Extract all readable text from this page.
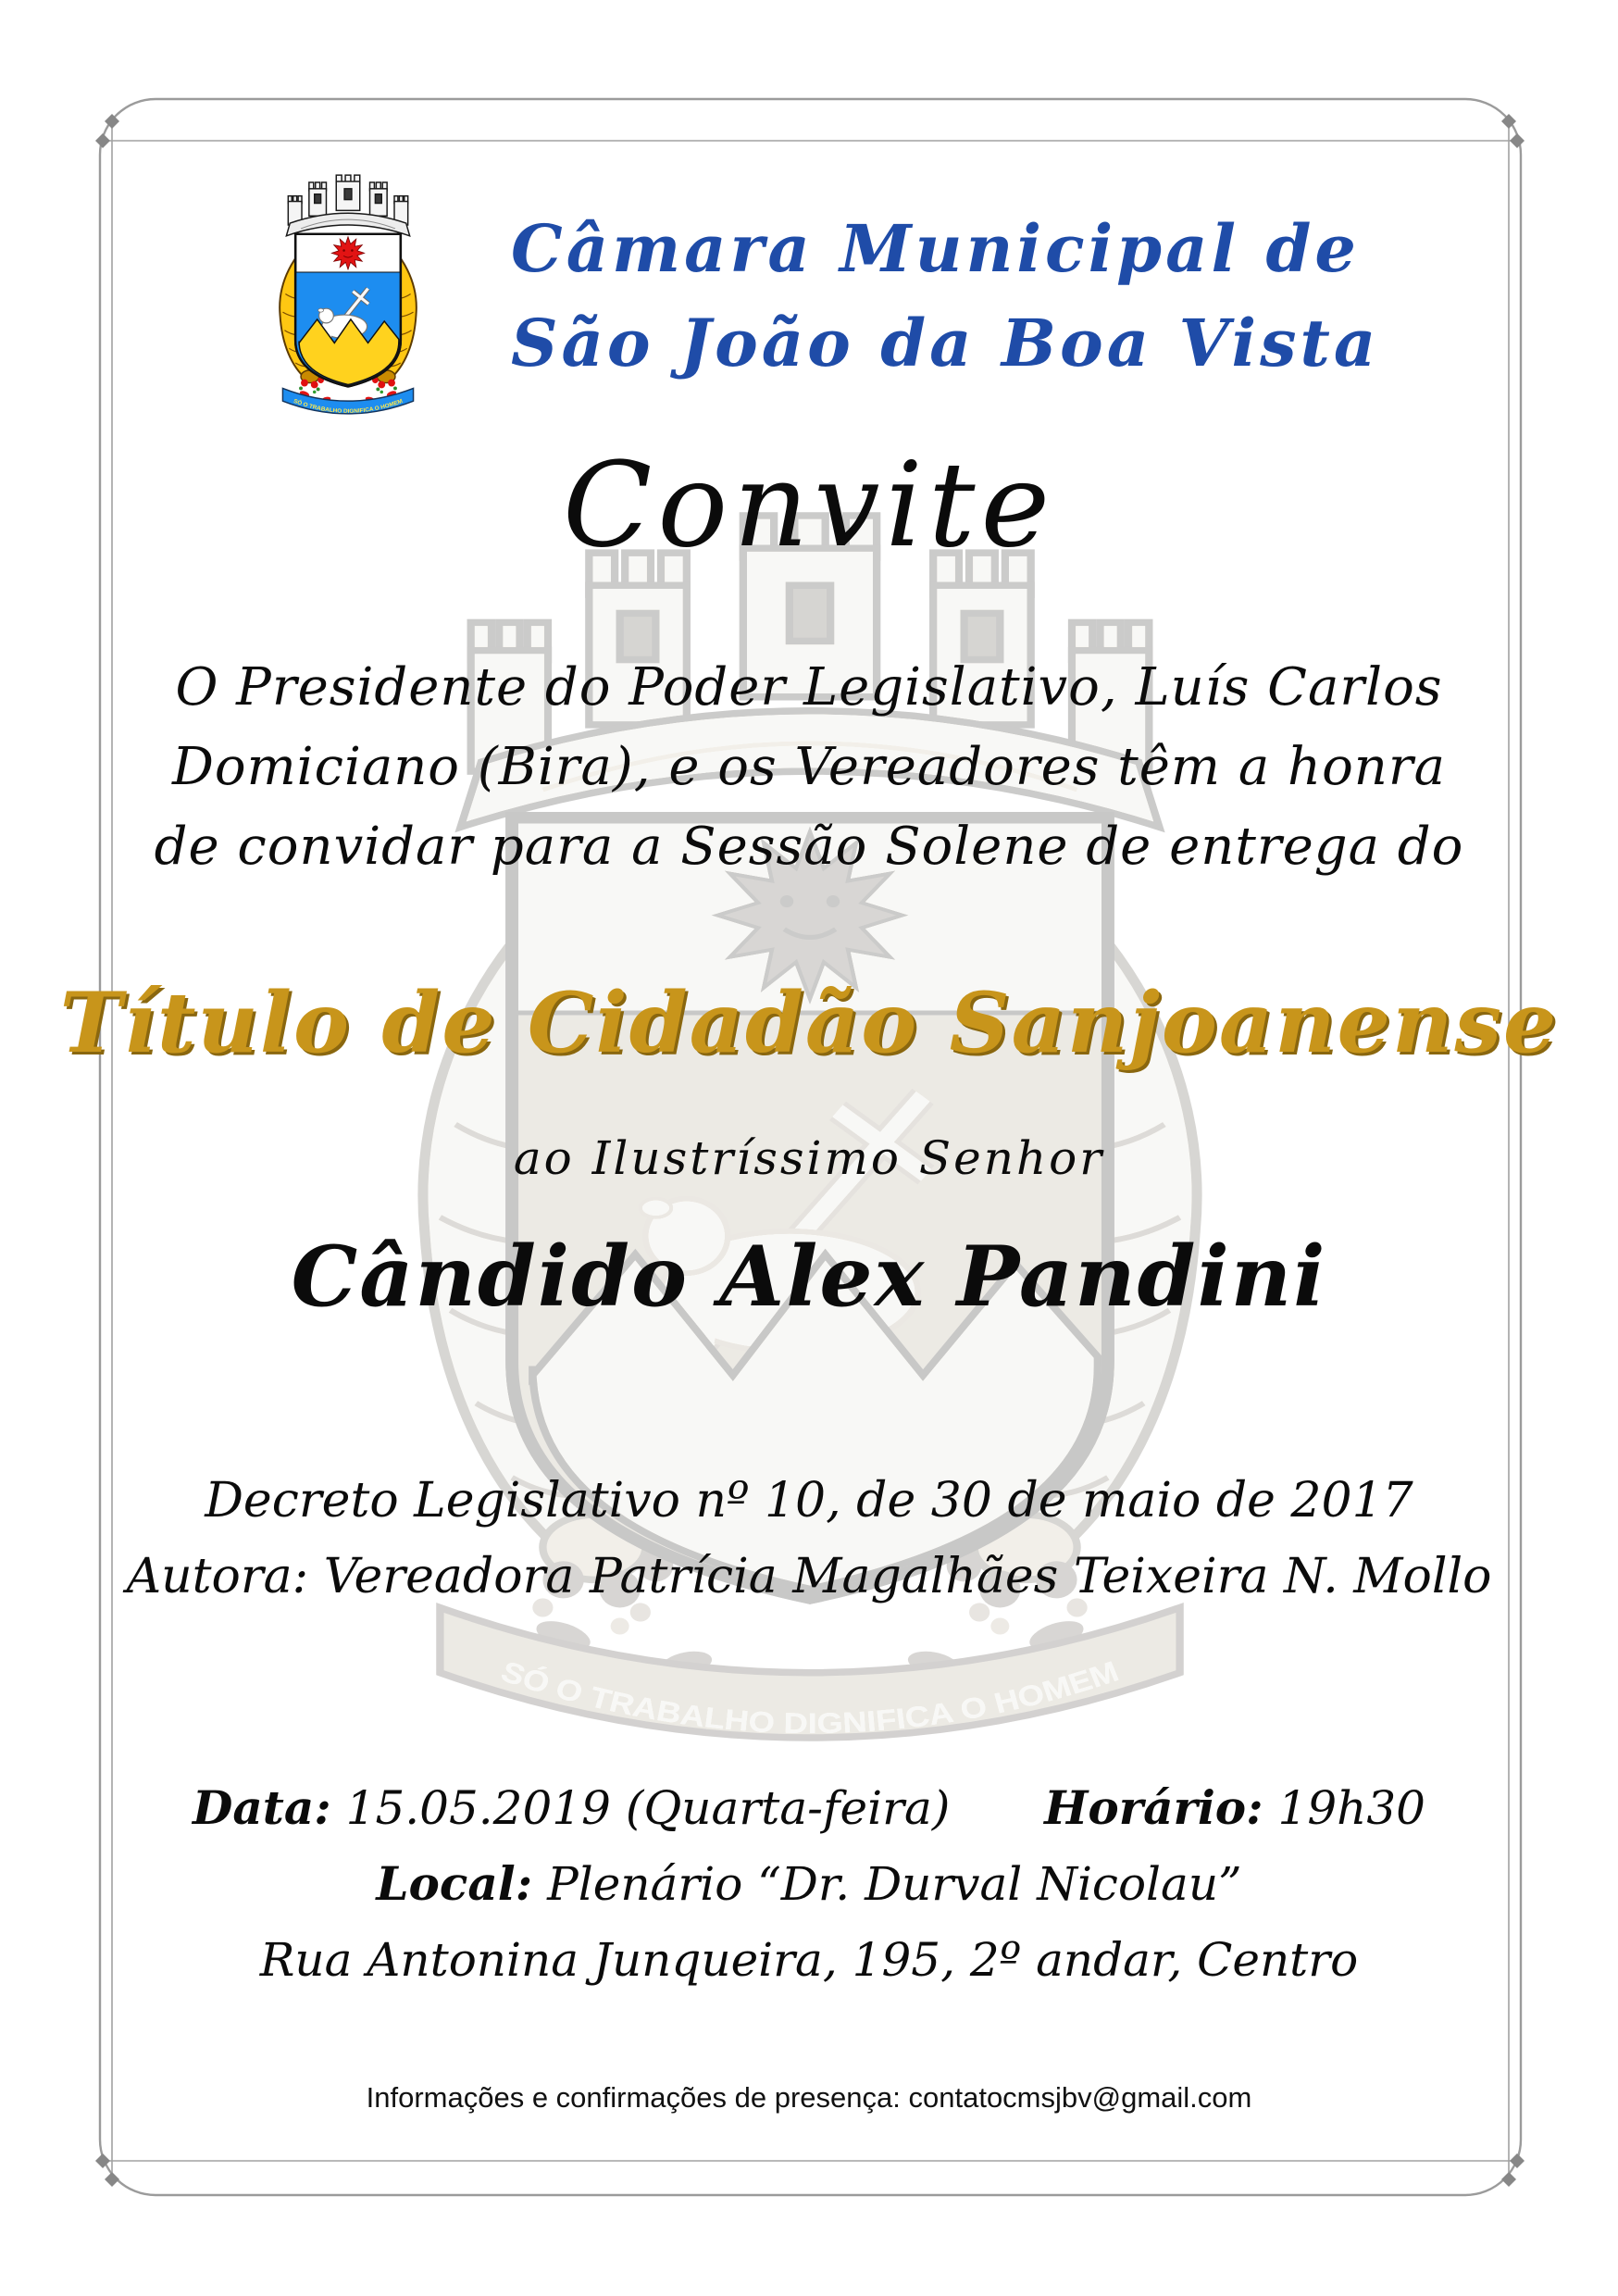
Câmara Municipal de
São João da Boa Vista
Convite
O Presidente do Poder Legislativo, Luís Carlos
Domiciano (Bira), e os Vereadores têm a honra
de convidar para a Sessão Solene de entrega do
Título de Cidadão Sanjoanense
ao Ilustríssimo Senhor
Cândido Alex Pandini
Decreto Legislativo nº 10, de 30 de maio de 2017
Autora: Vereadora Patrícia Magalhães Teixeira N. Mollo
Data: 15.05.2019 (Quarta-feira) Horário: 19h30
Local: Plenário “Dr. Durval Nicolau”
Rua Antonina Junqueira, 195, 2º andar, Centro
Informações e confirmações de presença: contatocmsjbv@gmail.com
